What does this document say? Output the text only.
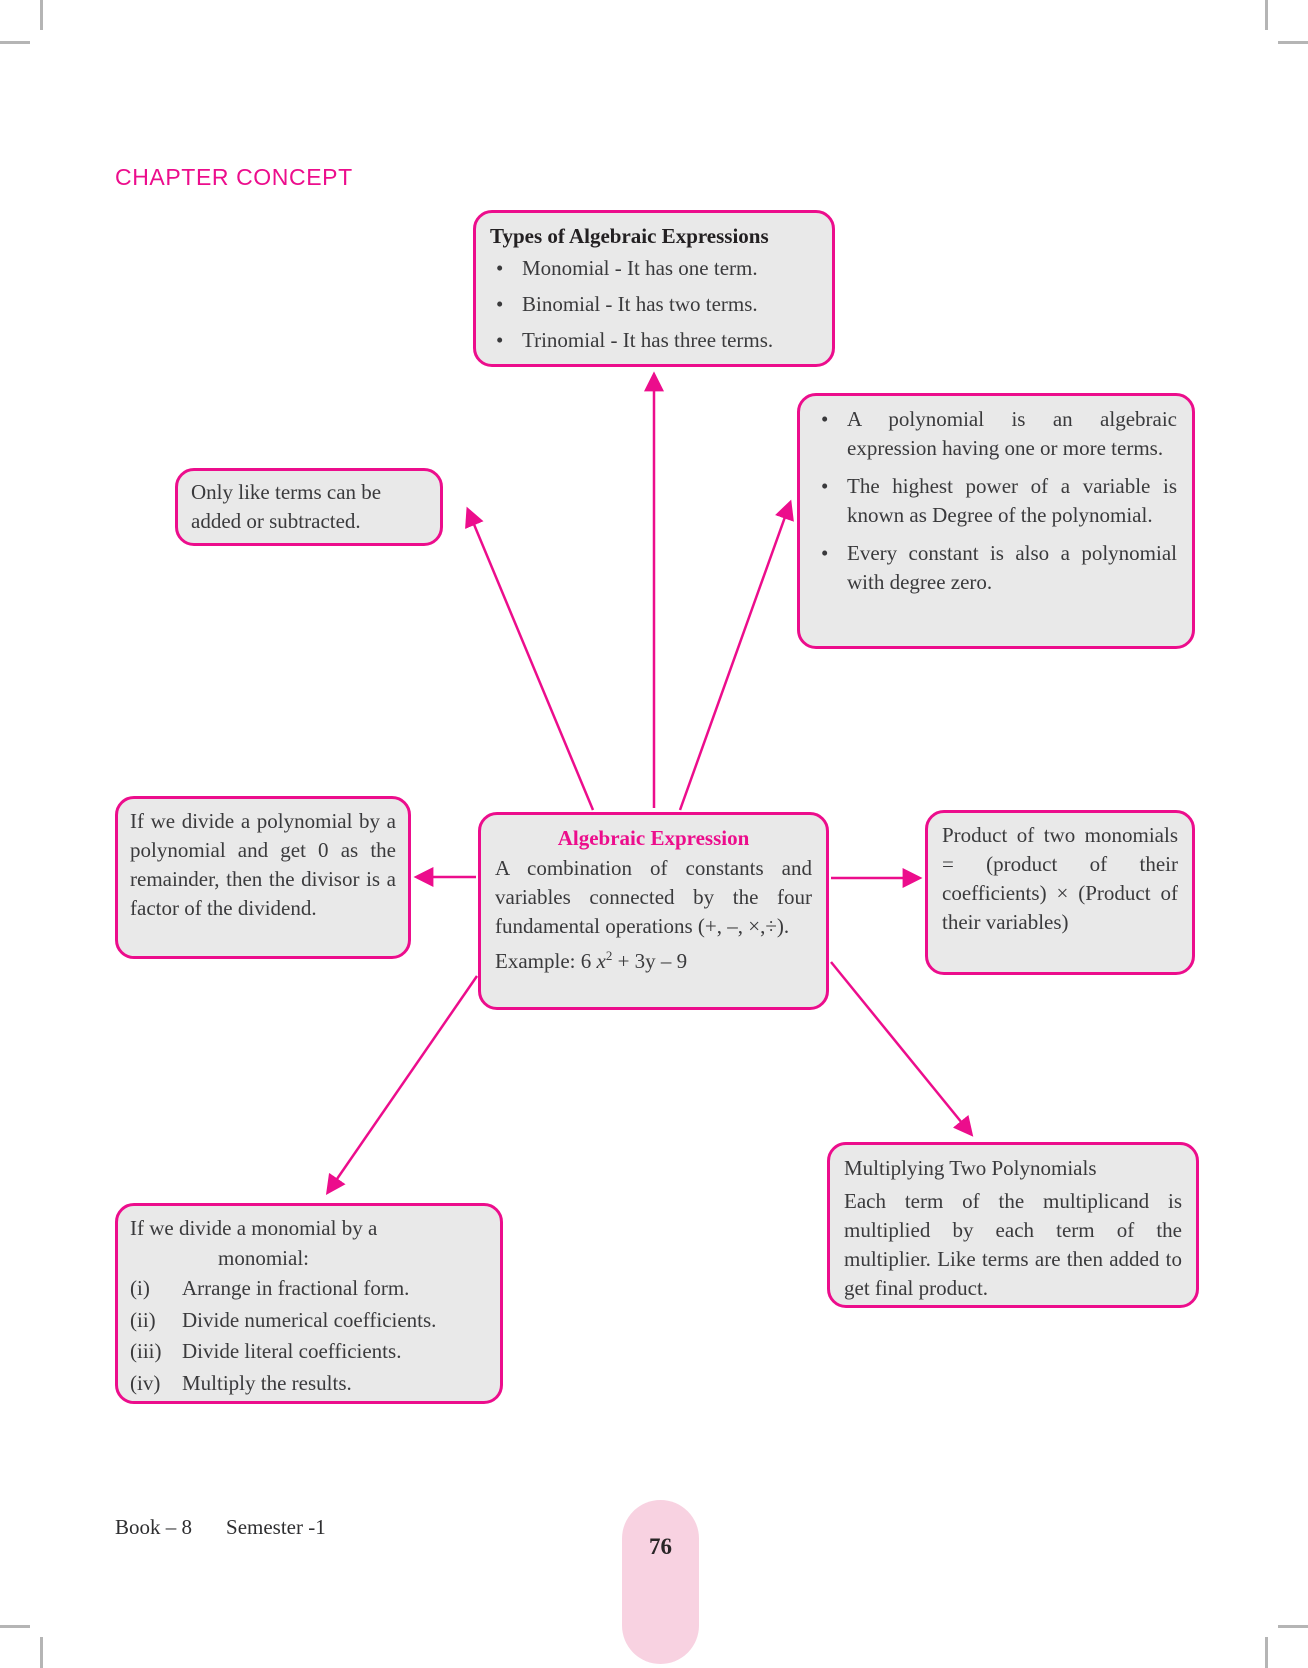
CHAPTER CONCEPT
Types of Algebraic Expressions
• Monomial - It has one term.
• Binomial - It has two terms.
• Trinomial - It has three terms.
• A polynomial is an algebraic expression having one or more terms.
• The highest power of a variable is known as Degree of the polynomial.
• Every constant is also a polynomial with degree zero.
Only like terms can be added or subtracted.
Algebraic Expression
A combination of constants and variables connected by the four fundamental operations (+, –, ×,÷).
Example: 6 $x^2 + 3y - 9$
If we divide a polynomial by a polynomial and get 0 as the remainder, then the divisor is a factor of the dividend.
Product of two monomials = (product of their coefficients) × (Product of their variables)
Multiplying Two Polynomials
Each term of the multiplicand is multiplied by each term of the multiplier. Like terms are then added to get final product.
If we divide a monomial by a
monomial:
(i)	Arrange in fractional form.
(ii)	Divide numerical coefficients.
(iii) Divide literal coefficients.
(iv)	Multiply the results.
Book – 8 Semester -1
76
